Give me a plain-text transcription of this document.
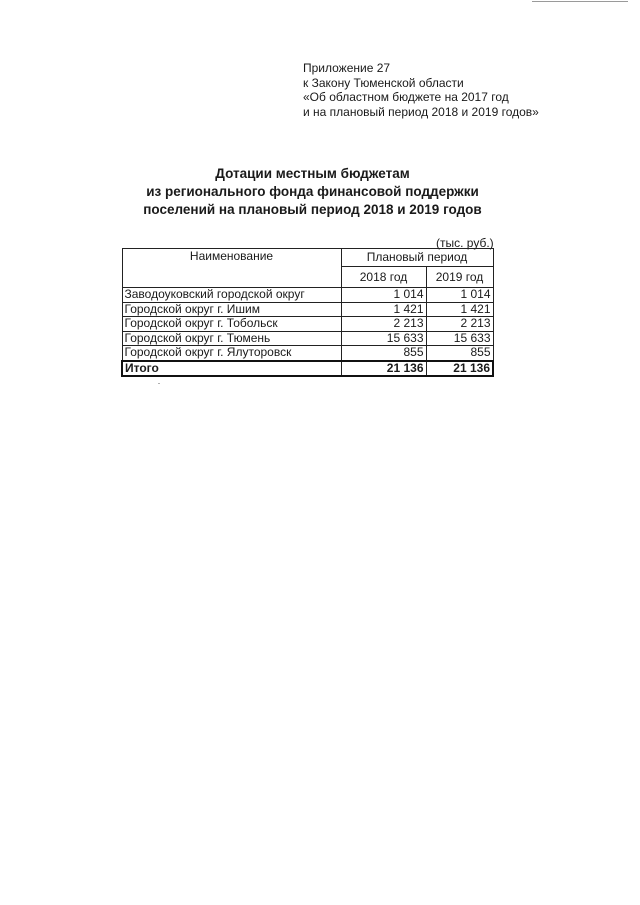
Приложение 27
к Закону Тюменской области
«Об областном бюджете на 2017 год
и на плановый период 2018 и 2019 годов»
Дотации местным бюджетам
из регионального фонда финансовой поддержки
поселений на плановый период 2018 и 2019 годов
(тыс. руб.)
Наименование	Плановый период	
	2018 год	2019 год
Заводоуковский городской округ	1 014	1 014
Городской округ г. Ишим	1 421	1 421
Городской округ г. Тобольск	2 213	2 213
Городской округ г. Тюмень	15 633	15 633
Городской округ г. Ялуторовск	855	855
Итого	21 136	21 136
